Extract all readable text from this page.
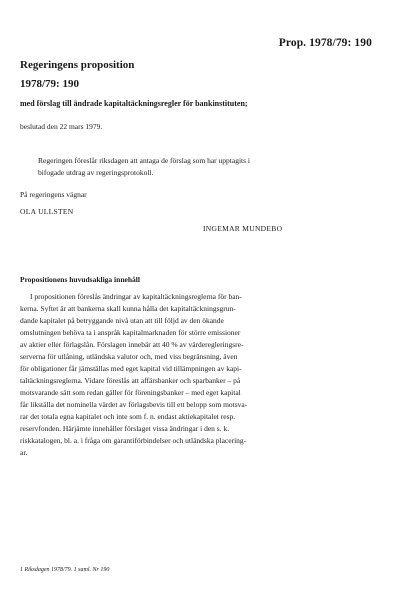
Prop. 1978/79: 190
Regeringens proposition
1978/79: 190
med förslag till ändrade kapitaltäckningsregler för bankinstituten;
beslutad den 22 mars 1979.

Regeringen föreslår riksdagen att antaga de förslag som har upptagits i

bifogade utdrag av regeringsprotokoll.

På regeringens vägnar
OLA ULLSTEN
INGEMAR MUNDEBO
Propositionens huvudsakliga innehåll
I propositionen föreslås ändringar av kapitaltäckningsreglerna för ban-
kerna. Syftet är att bankerna skall kunna hålla det kapitaltäckningsgrun-
dande kapitalet på betryggande nivå utan att till följd av den ökande
omslutningen behöva ta i anspråk kapitalmarknaden för större emissioner
av aktier eller förlagslån. Förslagen innebär att 40 % av värderegleringsre-
serverna för utlåning, utländska valutor och, med viss begränsning, även
för obligationer får jämställas med eget kapital vid tillämpningen av kapi-
taltäckningsreglerna. Vidare föreslås att affärsbanker och sparbanker – på
motsvarande sätt som redan gäller för föreningsbanker – med eget kapital
får likställa det nominella värdet av förlagsbevis till ett belopp som motsva-
rar det totala egna kapitalet och inte som f. n. endast aktiekapitalet resp.
reservfonden. Härjämte innehåller förslaget vissa ändringar i den s. k.
riskkatalogen, bl. a. i fråga om garantiförbindelser och utländska placering-
ar.
1 Riksdagen 1978/79. 1 saml. Nr 190
